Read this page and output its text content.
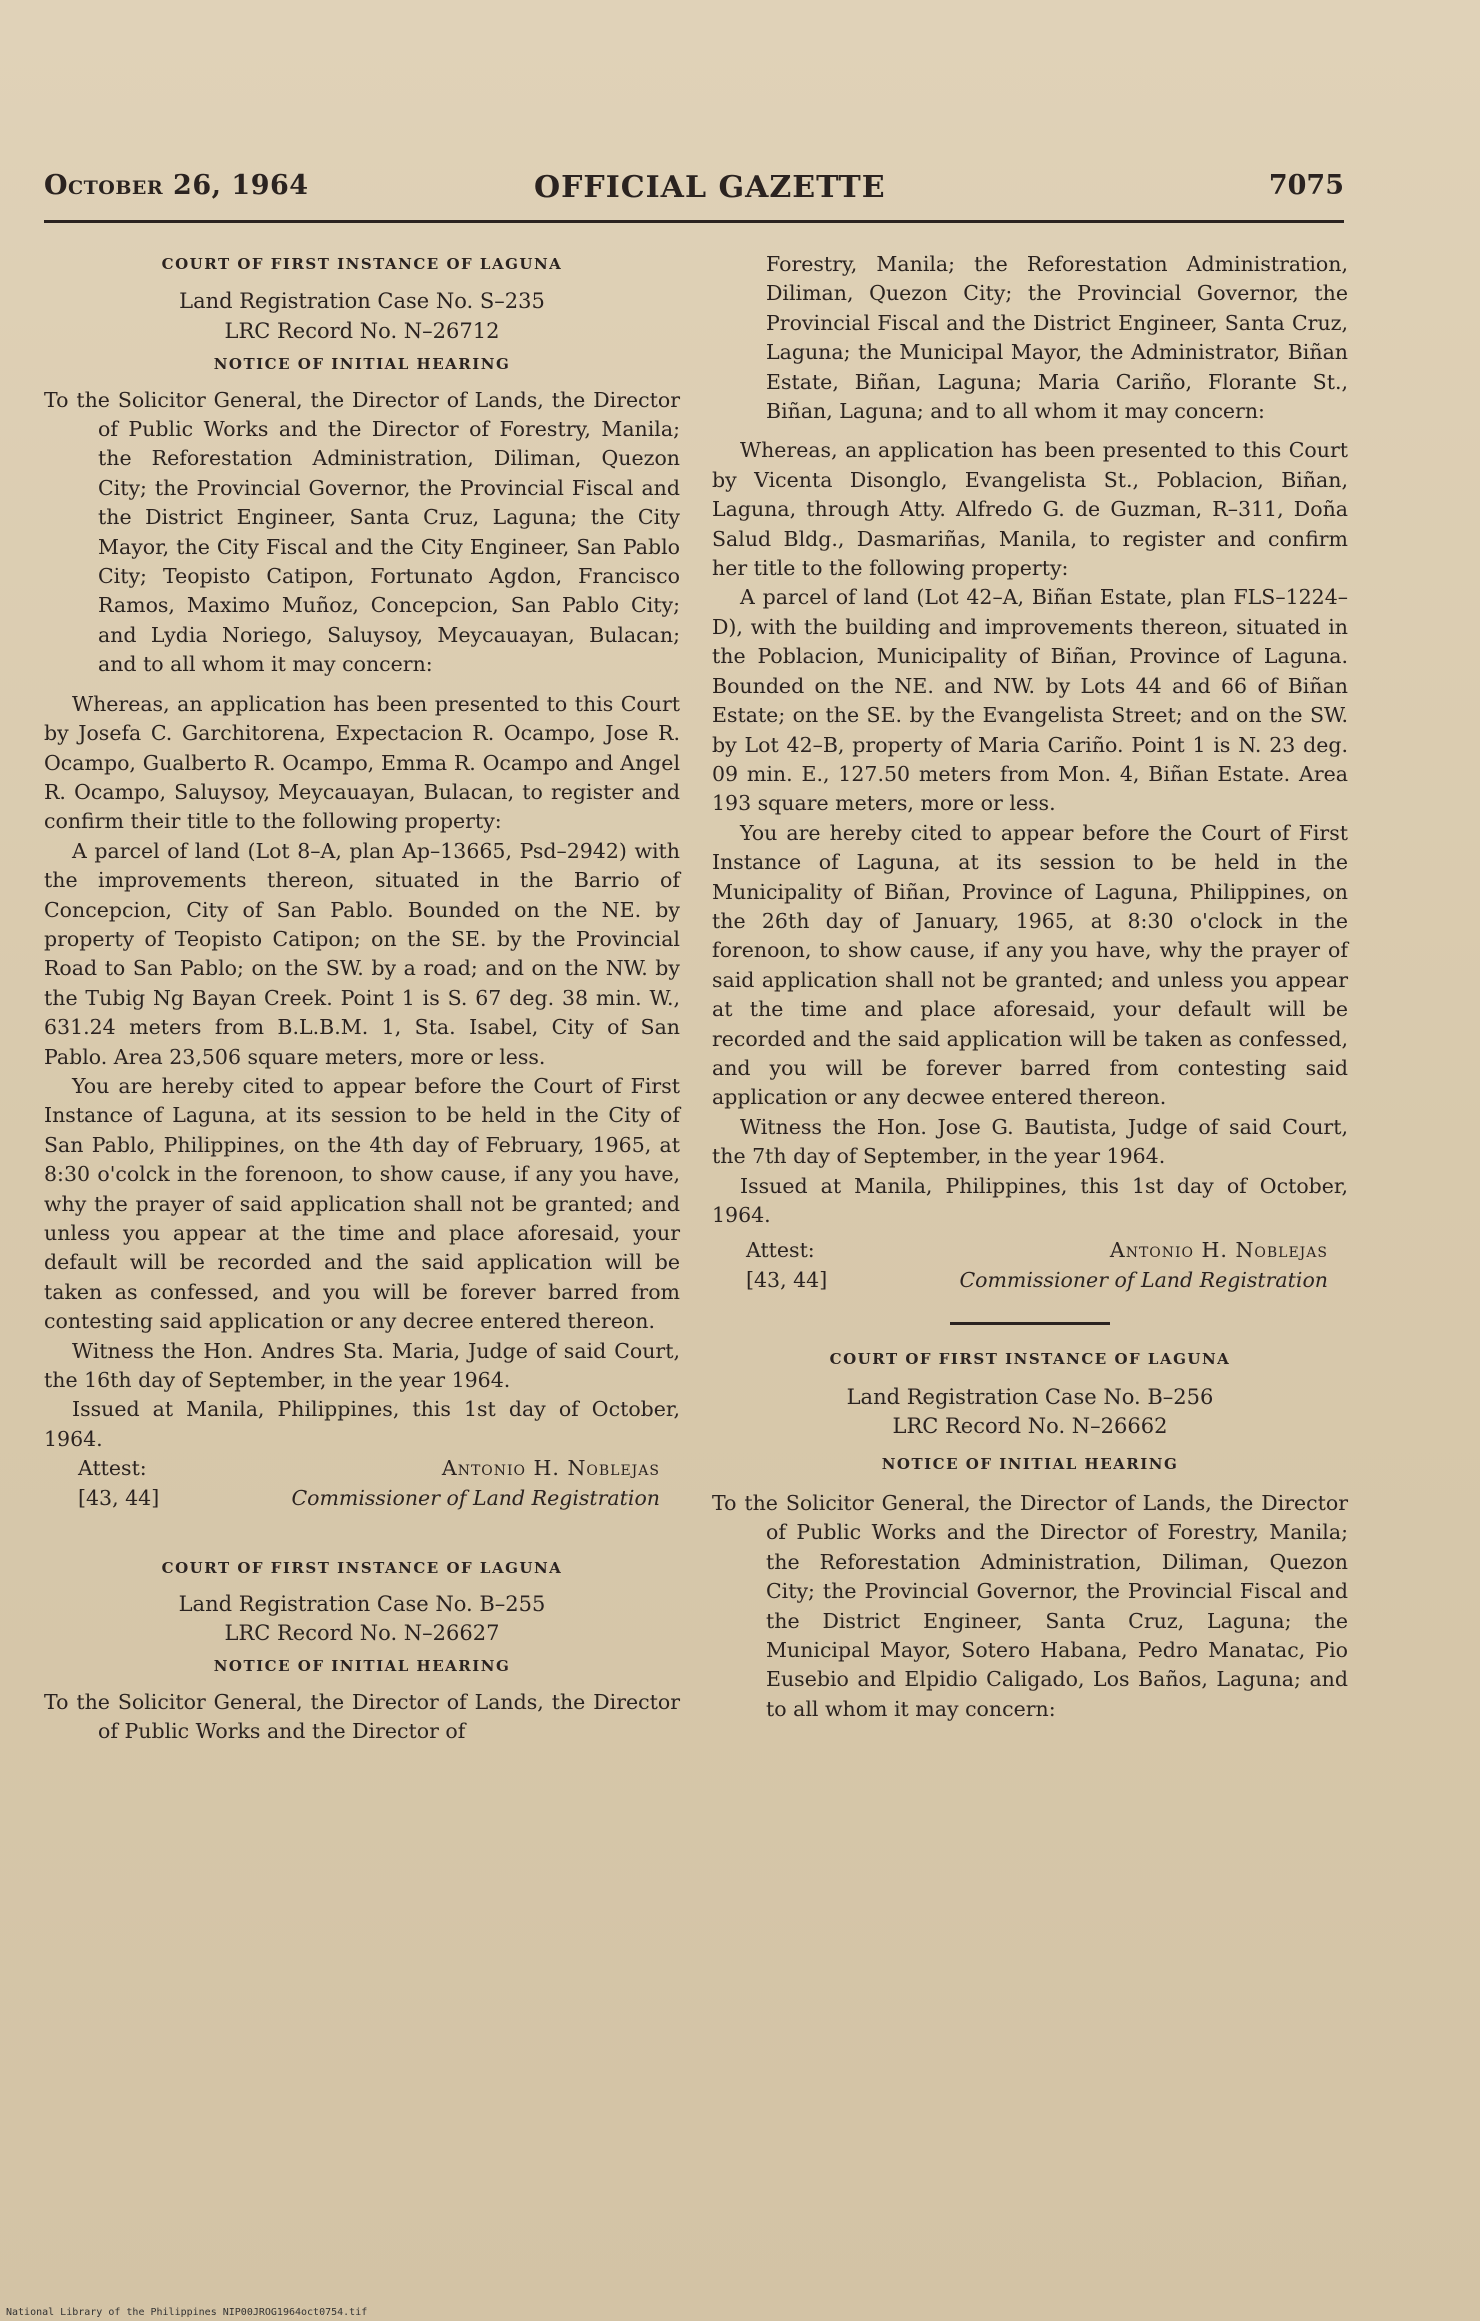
October 26, 1964	OFFICIAL GAZETTE	7075

COURT OF FIRST INSTANCE OF LAGUNA

Land Registration Case No. S–235

LRC Record No. N–26712

NOTICE OF INITIAL HEARING

To the Solicitor General, the Director of Lands, the Director of Public Works and the Director of Forestry, Manila; the Reforestation Administration, Diliman, Quezon City; the Provincial Governor, the Provincial Fiscal and the District Engineer, Santa Cruz, Laguna; the City Mayor, the City Fiscal and the City Engineer, San Pablo City; Teopisto Catipon, Fortunato Agdon, Francisco Ramos, Maximo Muñoz, Concepcion, San Pablo City; and Lydia Noriego, Saluysoy, Meycauayan, Bulacan; and to all whom it may concern:

Whereas, an application has been presented to this Court by Josefa C. Garchitorena, Expectacion R. Ocampo, Jose R. Ocampo, Gualberto R. Ocampo, Emma R. Ocampo and Angel R. Ocampo, Saluysoy, Meycauayan, Bulacan, to register and confirm their title to the following property:

A parcel of land (Lot 8–A, plan Ap–13665, Psd–2942) with the improvements thereon, situated in the Barrio of Concepcion, City of San Pablo. Bounded on the NE. by property of Teopisto Catipon; on the SE. by the Provincial Road to San Pablo; on the SW. by a road; and on the NW. by the Tubig Ng Bayan Creek. Point 1 is S. 67 deg. 38 min. W., 631.24 meters from B.L.B.M. 1, Sta. Isabel, City of San Pablo. Area 23,506 square meters, more or less.

You are hereby cited to appear before the Court of First Instance of Laguna, at its session to be held in the City of San Pablo, Philippines, on the 4th day of February, 1965, at 8:30 o'colck in the forenoon, to show cause, if any you have, why the prayer of said application shall not be granted; and unless you appear at the time and place aforesaid, your default will be recorded and the said application will be taken as confessed, and you will be forever barred from contesting said application or any decree entered thereon.

Witness the Hon. Andres Sta. Maria, Judge of said Court, the 16th day of September, in the year 1964.

Issued at Manila, Philippines, this 1st day of October, 1964.

Attest:
[43, 44]
Antonio H. Noblejas
Commissioner of Land Registration

COURT OF FIRST INSTANCE OF LAGUNA

Land Registration Case No. B–255

LRC Record No. N–26627

NOTICE OF INITIAL HEARING

To the Solicitor General, the Director of Lands, the Director of Public Works and the Director of

Forestry, Manila; the Reforestation Administration, Diliman, Quezon City; the Provincial Governor, the Provincial Fiscal and the District Engineer, Santa Cruz, Laguna; the Municipal Mayor, the Administrator, Biñan Estate, Biñan, Laguna; Maria Cariño, Florante St., Biñan, Laguna; and to all whom it may concern:

Whereas, an application has been presented to this Court by Vicenta Disonglo, Evangelista St., Poblacion, Biñan, Laguna, through Atty. Alfredo G. de Guzman, R–311, Doña Salud Bldg., Dasmariñas, Manila, to register and confirm her title to the following property:

A parcel of land (Lot 42–A, Biñan Estate, plan FLS–1224–D), with the building and improvements thereon, situated in the Poblacion, Municipality of Biñan, Province of Laguna. Bounded on the NE. and NW. by Lots 44 and 66 of Biñan Estate; on the SE. by the Evangelista Street; and on the SW. by Lot 42–B, property of Maria Cariño. Point 1 is N. 23 deg. 09 min. E., 127.50 meters from Mon. 4, Biñan Estate. Area 193 square meters, more or less.

You are hereby cited to appear before the Court of First Instance of Laguna, at its session to be held in the Municipality of Biñan, Province of Laguna, Philippines, on the 26th day of January, 1965, at 8:30 o'clock in the forenoon, to show cause, if any you have, why the prayer of said application shall not be granted; and unless you appear at the time and place aforesaid, your default will be recorded and the said application will be taken as confessed, and you will be forever barred from contesting said application or any decwee entered thereon.

Witness the Hon. Jose G. Bautista, Judge of said Court, the 7th day of September, in the year 1964.

Issued at Manila, Philippines, this 1st day of October, 1964.

Attest:
[43, 44]
Antonio H. Noblejas
Commissioner of Land Registration

COURT OF FIRST INSTANCE OF LAGUNA

Land Registration Case No. B–256

LRC Record No. N–26662

NOTICE OF INITIAL HEARING

To the Solicitor General, the Director of Lands, the Director of Public Works and the Director of Forestry, Manila; the Reforestation Administration, Diliman, Quezon City; the Provincial Governor, the Provincial Fiscal and the District Engineer, Santa Cruz, Laguna; the Municipal Mayor, Sotero Habana, Pedro Manatac, Pio Eusebio and Elpidio Caligado, Los Baños, Laguna; and to all whom it may concern:

National Library of the Philippines NIP00JROG1964oct0754.tif
